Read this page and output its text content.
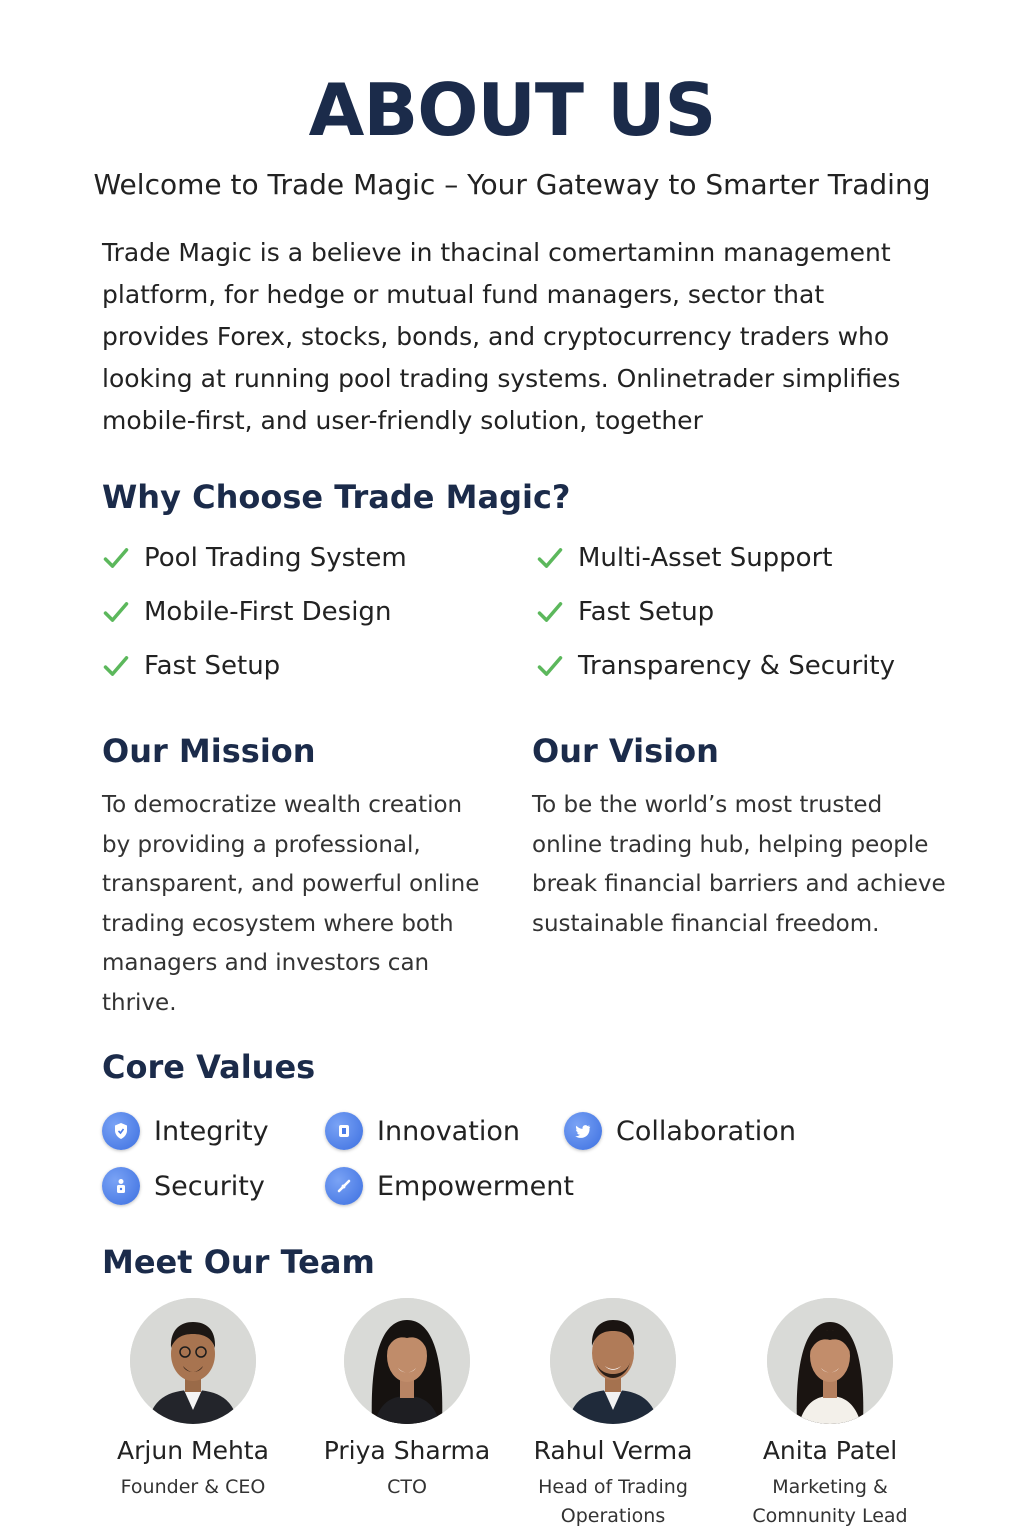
ABOUT US
Welcome to Trade Magic – Your Gateway to Smarter Trading

Trade Magic is a believe in thacinal comertaminn management platform, for hedge or mutual fund managers, sector that provides Forex, stocks, bonds, and cryptocurrency traders who looking at running pool trading systems. Onlinetrader simplifies mobile-first, and user-friendly solution, together

Why Choose Trade Magic?
Pool Trading System	Multi-Asset Support
Mobile-First Design	Fast Setup
Fast Setup	Transparency & Security
Our Mission

To democratize wealth creation by providing a professional, transparent, and powerful online trading ecosystem where both managers and investors can thrive.

Our Vision

To be the world’s most trusted online trading hub, helping people break financial barriers and achieve sustainable financial freedom.

Core Values
Integrity	Innovation	Collaboration
Security	Empowerment
Meet Our Team
Arjun Mehta
Founder & CEO
Priya Sharma
CTO
Rahul Verma
Head of Trading Operations
Anita Patel
Marketing & Comnunity Lead
